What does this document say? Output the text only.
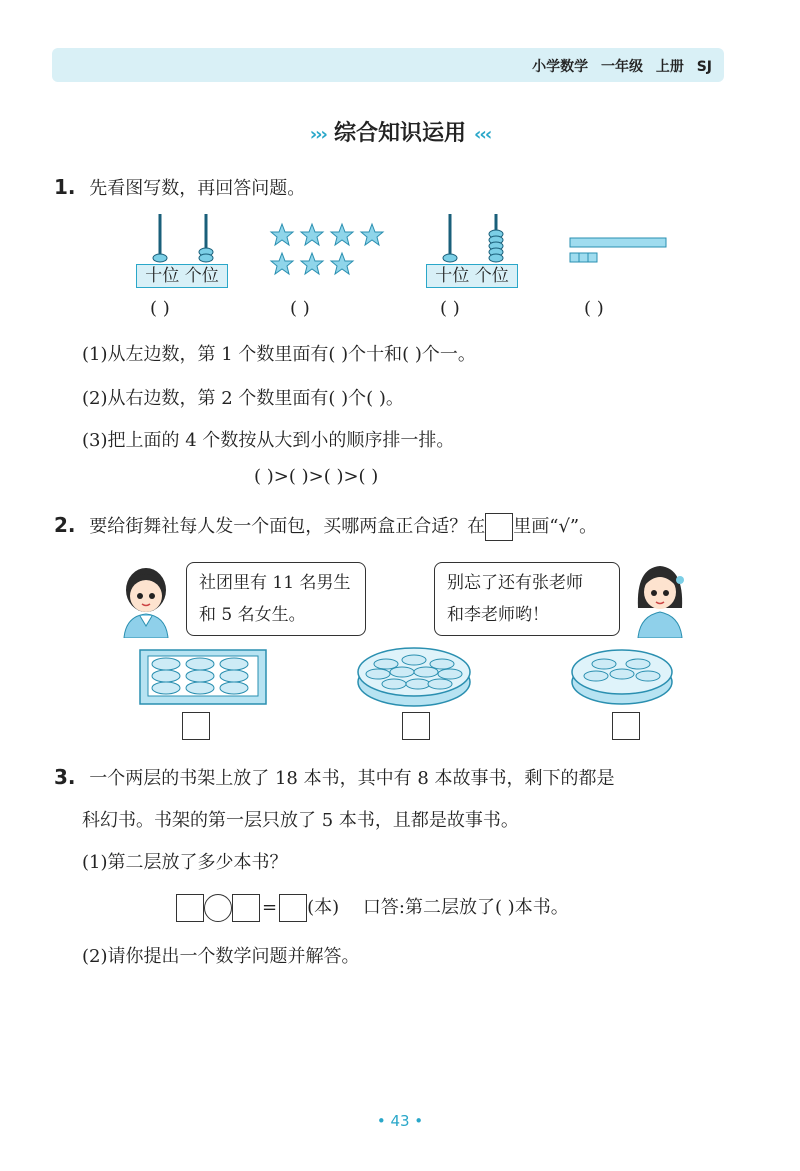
小学数学 一年级 上册 SJ
››› 综合知识运用 ‹‹‹
1. 先看图写数，再回答问题。
十位 个位	十位 个位
( )	( )	( )	( )
(1)从左边数，第 1 个数里面有( )个十和( )个一。
(2)从右边数，第 2 个数里面有( )个( )。
(3)把上面的 4 个数按从大到小的顺序排一排。
( )>( )>( )>( )
2. 要给街舞社每人发一个面包，买哪两盒正合适？在 里画“√”。
社团里有 11 名男生
和 5 名女生。
别忘了还有张老师
和李老师哟！
3. 一个两层的书架上放了 18 本书，其中有 8 本故事书，剩下的都是
科幻书。书架的第一层只放了 5 本书，且都是故事书。
(1)第二层放了多少本书？
= (本) 口答:第二层放了( )本书。
(2)请你提出一个数学问题并解答。
• 43 •
